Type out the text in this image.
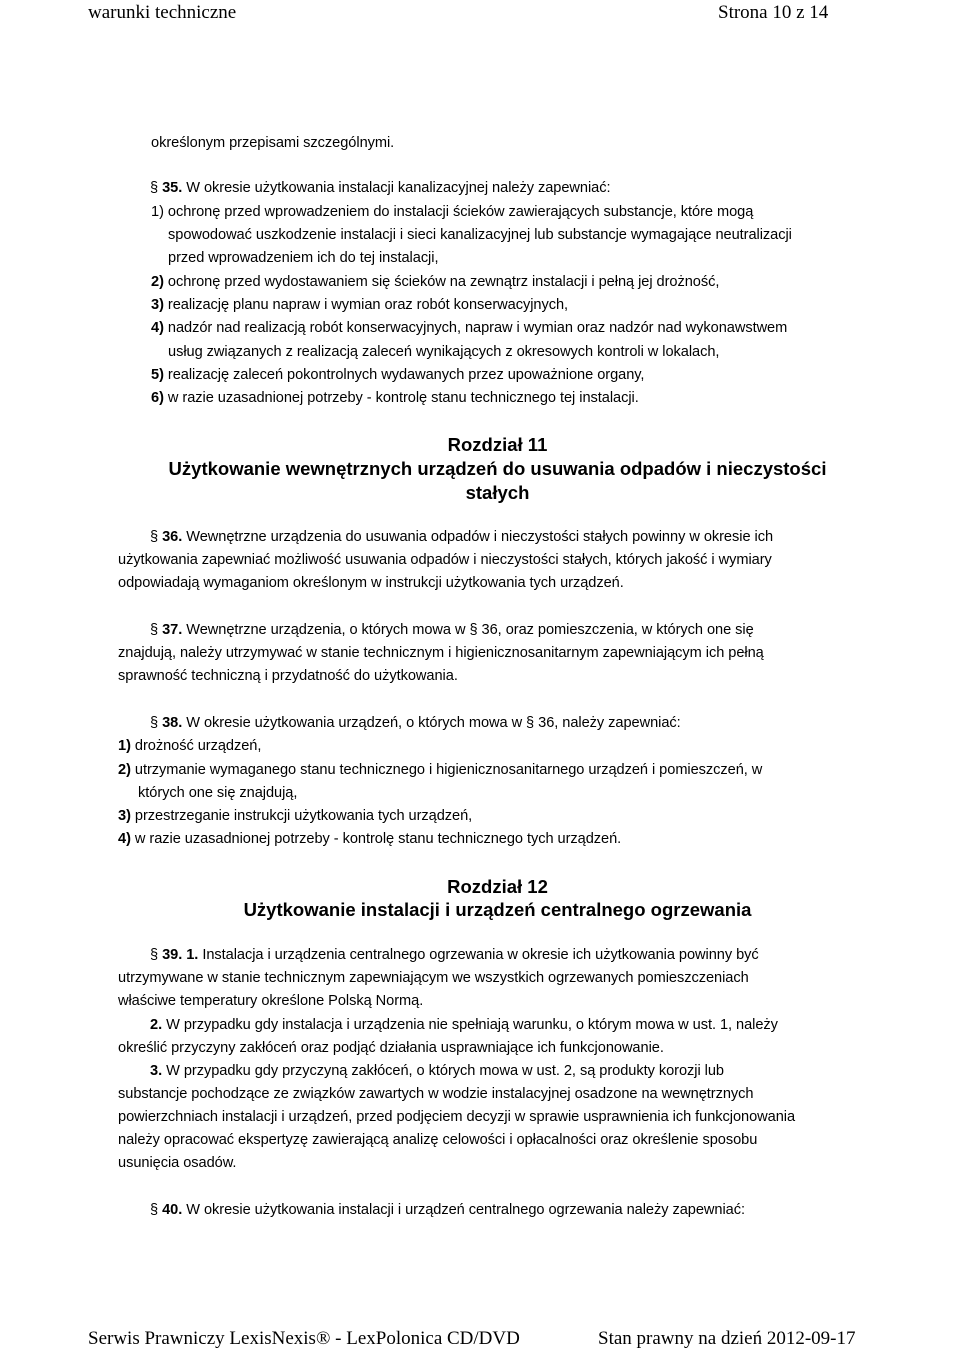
warunki techniczne	Strona 10 z 14
określonym przepisami szczególnymi.
§ 35. W okresie użytkowania instalacji kanalizacyjnej należy zapewniać:
1) ochronę przed wprowadzeniem do instalacji ścieków zawierających substancje, które mogą
spowodować uszkodzenie instalacji i sieci kanalizacyjnej lub substancje wymagające neutralizacji
przed wprowadzeniem ich do tej instalacji,
2) ochronę przed wydostawaniem się ścieków na zewnątrz instalacji i pełną jej drożność,
3) realizację planu napraw i wymian oraz robót konserwacyjnych,
4) nadzór nad realizacją robót konserwacyjnych, napraw i wymian oraz nadzór nad wykonawstwem
usług związanych z realizacją zaleceń wynikających z okresowych kontroli w lokalach,
5) realizację zaleceń pokontrolnych wydawanych przez upoważnione organy,
6) w razie uzasadnionej potrzeby - kontrolę stanu technicznego tej instalacji.
Rozdział 11
Użytkowanie wewnętrznych urządzeń do usuwania odpadów i nieczystości
stałych
§ 36. Wewnętrzne urządzenia do usuwania odpadów i nieczystości stałych powinny w okresie ich
użytkowania zapewniać możliwość usuwania odpadów i nieczystości stałych, których jakość i wymiary
odpowiadają wymaganiom określonym w instrukcji użytkowania tych urządzeń.
§ 37. Wewnętrzne urządzenia, o których mowa w § 36, oraz pomieszczenia, w których one się
znajdują, należy utrzymywać w stanie technicznym i higienicznosanitarnym zapewniającym ich pełną
sprawność techniczną i przydatność do użytkowania.
§ 38. W okresie użytkowania urządzeń, o których mowa w § 36, należy zapewniać:
1) drożność urządzeń,
2) utrzymanie wymaganego stanu technicznego i higienicznosanitarnego urządzeń i pomieszczeń, w
których one się znajdują,
3) przestrzeganie instrukcji użytkowania tych urządzeń,
4) w razie uzasadnionej potrzeby - kontrolę stanu technicznego tych urządzeń.
Rozdział 12
Użytkowanie instalacji i urządzeń centralnego ogrzewania
§ 39. 1. Instalacja i urządzenia centralnego ogrzewania w okresie ich użytkowania powinny być
utrzymywane w stanie technicznym zapewniającym we wszystkich ogrzewanych pomieszczeniach
właściwe temperatury określone Polską Normą.
2. W przypadku gdy instalacja i urządzenia nie spełniają warunku, o którym mowa w ust. 1, należy
określić przyczyny zakłóceń oraz podjąć działania usprawniające ich funkcjonowanie.
3. W przypadku gdy przyczyną zakłóceń, o których mowa w ust. 2, są produkty korozji lub
substancje pochodzące ze związków zawartych w wodzie instalacyjnej osadzone na wewnętrznych
powierzchniach instalacji i urządzeń, przed podjęciem decyzji w sprawie usprawnienia ich funkcjonowania
należy opracować ekspertyzę zawierającą analizę celowości i opłacalności oraz określenie sposobu
usunięcia osadów.
§ 40. W okresie użytkowania instalacji i urządzeń centralnego ogrzewania należy zapewniać:
Serwis Prawniczy LexisNexis® - LexPolonica CD/DVD	Stan prawny na dzień 2012-09-17
